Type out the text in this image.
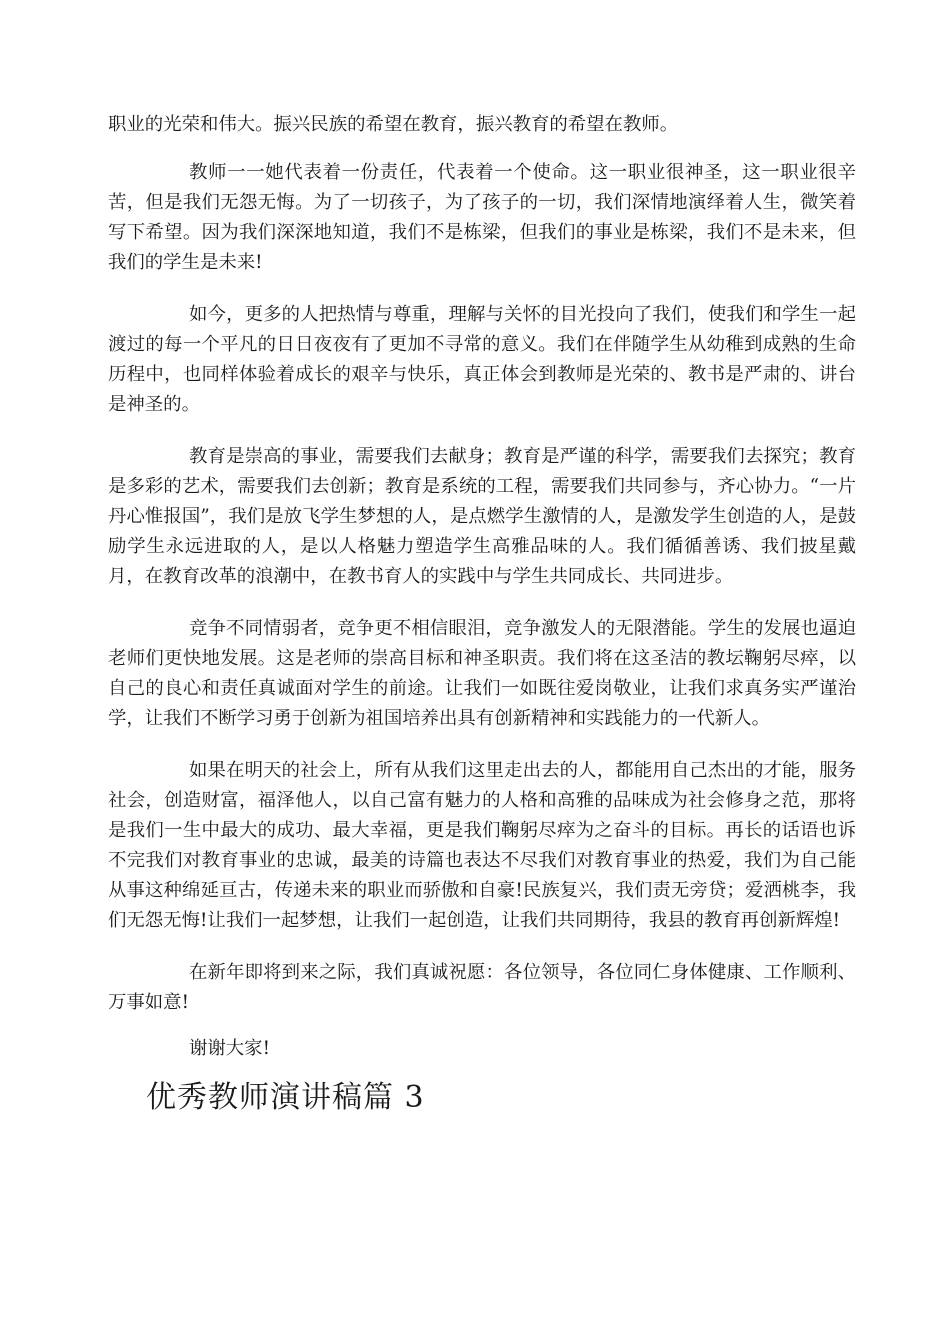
职业的光荣和伟大。振兴民族的希望在教育，振兴教育的希望在教师。

教师一一她代表着一份责任，代表着一个使命。这一职业很神圣，这一职业很辛苦，但是我们无怨无悔。为了一切孩子，为了孩子的一切，我们深情地演绎着人生，微笑着写下希望。因为我们深深地知道，我们不是栋梁，但我们的事业是栋梁，我们不是未来，但我们的学生是未来!

如今，更多的人把热情与尊重，理解与关怀的目光投向了我们，使我们和学生一起渡过的每一个平凡的日日夜夜有了更加不寻常的意义。我们在伴随学生从幼稚到成熟的生命历程中，也同样体验着成长的艰辛与快乐，真正体会到教师是光荣的、教书是严肃的、讲台是神圣的。

教育是崇高的事业，需要我们去献身；教育是严谨的科学，需要我们去探究；教育是多彩的艺术，需要我们去创新；教育是系统的工程，需要我们共同参与，齐心协力。“一片丹心惟报国”，我们是放飞学生梦想的人，是点燃学生激情的人，是激发学生创造的人，是鼓励学生永远进取的人，是以人格魅力塑造学生高雅品味的人。我们循循善诱、我们披星戴月，在教育改革的浪潮中，在教书育人的实践中与学生共同成长、共同进步。

竞争不同情弱者，竞争更不相信眼泪，竞争激发人的无限潜能。学生的发展也逼迫老师们更快地发展。这是老师的崇高目标和神圣职责。我们将在这圣洁的教坛鞠躬尽瘁，以自己的良心和责任真诚面对学生的前途。让我们一如既往爱岗敬业，让我们求真务实严谨治学，让我们不断学习勇于创新为祖国培养出具有创新精神和实践能力的一代新人。

如果在明天的社会上，所有从我们这里走出去的人，都能用自己杰出的才能，服务社会，创造财富，福泽他人，以自己富有魅力的人格和高雅的品味成为社会修身之范，那将是我们一生中最大的成功、最大幸福，更是我们鞠躬尽瘁为之奋斗的目标。再长的话语也诉不完我们对教育事业的忠诚，最美的诗篇也表达不尽我们对教育事业的热爱，我们为自己能从事这种绵延亘古，传递未来的职业而骄傲和自豪!民族复兴，我们责无旁贷；爱洒桃李，我们无怨无悔!让我们一起梦想，让我们一起创造，让我们共同期待，我县的教育再创新辉煌!

在新年即将到来之际，我们真诚祝愿：各位领导，各位同仁身体健康、工作顺利、万事如意!

谢谢大家!

优秀教师演讲稿篇 3
